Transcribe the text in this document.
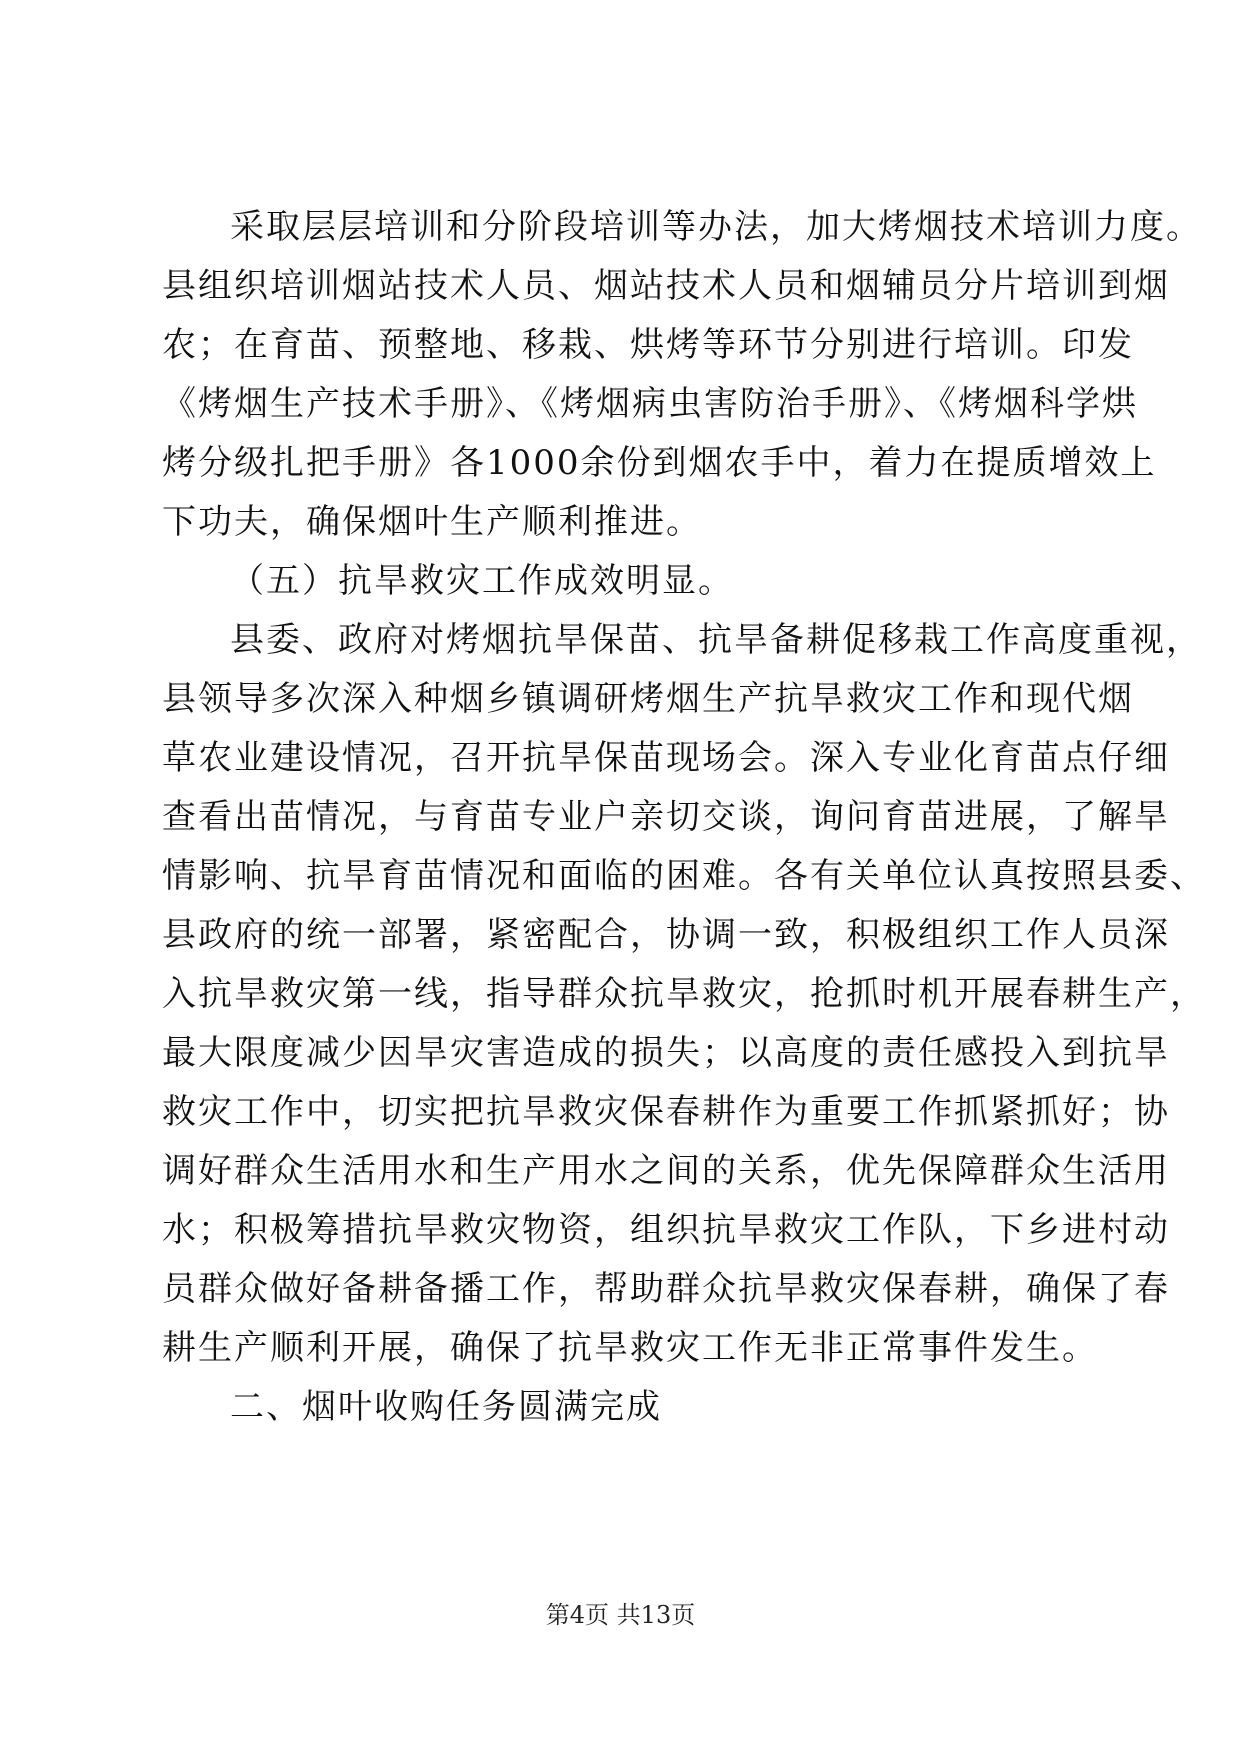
采取层层培训和分阶段培训等办法，加大烤烟技术培训力度。
县组织培训烟站技术人员、烟站技术人员和烟辅员分片培训到烟
农；在育苗、预整地、移栽、烘烤等环节分别进行培训。印发
《烤烟生产技术手册》、《烤烟病虫害防治手册》、《烤烟科学烘
烤分级扎把手册》各1000余份到烟农手中，着力在提质增效上
下功夫，确保烟叶生产顺利推进。
（五）抗旱救灾工作成效明显。
县委、政府对烤烟抗旱保苗、抗旱备耕促移栽工作高度重视，
县领导多次深入种烟乡镇调研烤烟生产抗旱救灾工作和现代烟
草农业建设情况，召开抗旱保苗现场会。深入专业化育苗点仔细
查看出苗情况，与育苗专业户亲切交谈，询问育苗进展，了解旱
情影响、抗旱育苗情况和面临的困难。各有关单位认真按照县委、
县政府的统一部署，紧密配合，协调一致，积极组织工作人员深
入抗旱救灾第一线，指导群众抗旱救灾，抢抓时机开展春耕生产，
最大限度减少因旱灾害造成的损失；以高度的责任感投入到抗旱
救灾工作中，切实把抗旱救灾保春耕作为重要工作抓紧抓好；协
调好群众生活用水和生产用水之间的关系，优先保障群众生活用
水；积极筹措抗旱救灾物资，组织抗旱救灾工作队，下乡进村动
员群众做好备耕备播工作，帮助群众抗旱救灾保春耕，确保了春
耕生产顺利开展，确保了抗旱救灾工作无非正常事件发生。
二、烟叶收购任务圆满完成
第4页 共13页
